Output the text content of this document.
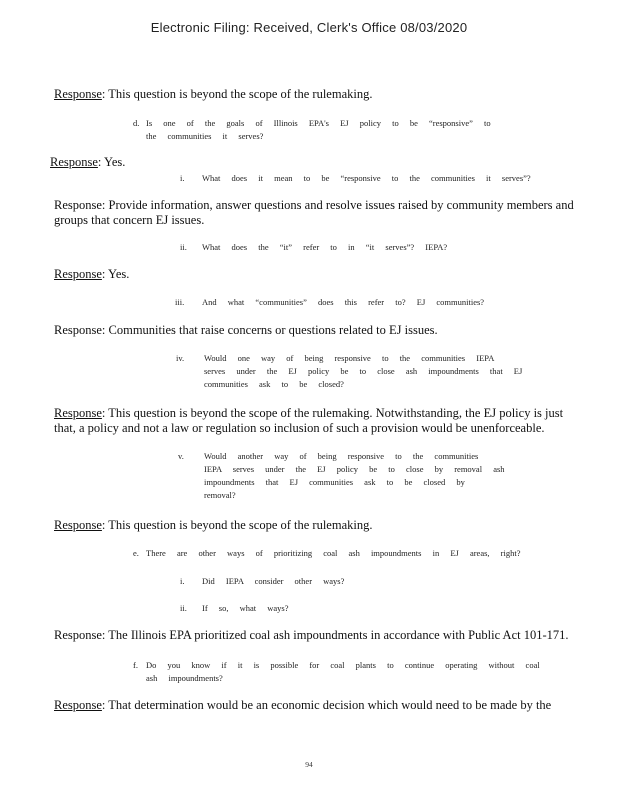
Electronic Filing: Received, Clerk's Office 08/03/2020
Response: This question is beyond the scope of the rulemaking.
d. Is one of the goals of Illinois EPA's EJ policy to be “responsive” to
the communities it serves?
Response: Yes.
i. What does it mean to be “responsive to the communities it serves”?
Response: Provide information, answer questions and resolve issues raised by community members and
groups that concern EJ issues.
ii. What does the “it” refer to in “it serves”? IEPA?
Response: Yes.
iii. And what “communities” does this refer to? EJ communities?
Response: Communities that raise concerns or questions related to EJ issues.
iv. Would one way of being responsive to the communities IEPA
serves under the EJ policy be to close ash impoundments that EJ
communities ask to be closed?
Response: This question is beyond the scope of the rulemaking. Notwithstanding, the EJ policy is just
that, a policy and not a law or regulation so inclusion of such a provision would be unenforceable.
v. Would another way of being responsive to the communities
IEPA serves under the EJ policy be to close by removal ash
impoundments that EJ communities ask to be closed by
removal?
Response: This question is beyond the scope of the rulemaking.
e. There are other ways of prioritizing coal ash impoundments in EJ areas, right?
i. Did IEPA consider other ways?
ii. If so, what ways?
Response: The Illinois EPA prioritized coal ash impoundments in accordance with Public Act 101-171.
f. Do you know if it is possible for coal plants to continue operating without coal
ash impoundments?
Response: That determination would be an economic decision which would need to be made by the
94
